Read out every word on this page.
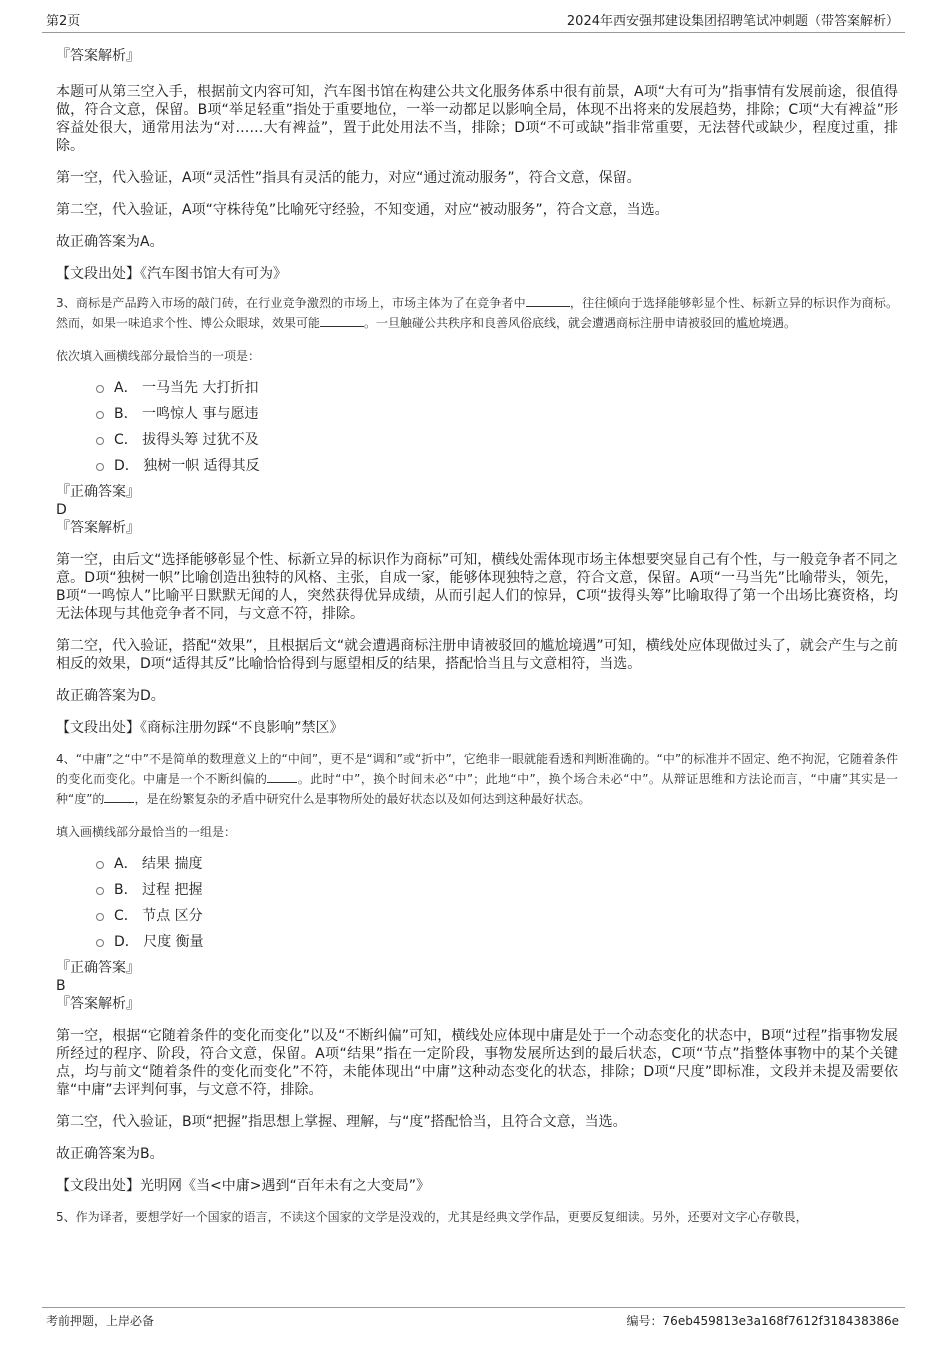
第2页	2024年西安强邦建设集团招聘笔试冲刺题（带答案解析）

『答案解析』

本题可从第三空入手，根据前文内容可知，汽车图书馆在构建公共文化服务体系中很有前景，A项“大有可为”指事情有发展前途，很值得做，符合文意，保留。B项“举足轻重”指处于重要地位，一举一动都足以影响全局，体现不出将来的发展趋势，排除；C项“大有裨益”形容益处很大，通常用法为“对……大有裨益”，置于此处用法不当，排除；D项“不可或缺”指非常重要，无法替代或缺少，程度过重，排除。

第一空，代入验证，A项“灵活性”指具有灵活的能力，对应“通过流动服务”，符合文意，保留。

第二空，代入验证，A项“守株待兔”比喻死守经验，不知变通，对应“被动服务”，符合文意，当选。

故正确答案为A。

【文段出处】《汽车图书馆大有可为》

3、商标是产品跨入市场的敲门砖，在行业竞争激烈的市场上，市场主体为了在竞争者中	，往往倾向于选择能够彰显个性、标新立异的标识作为商标。然而，如果一味追求个性、博公众眼球，效果可能	。一旦触碰公共秩序和良善风俗底线，就会遭遇商标注册申请被驳回的尴尬境遇。

依次填入画横线部分最恰当的一项是：

A． 一马当先 大打折扣
B． 一鸣惊人 事与愿违
C． 拔得头筹 过犹不及
D． 独树一帜 适得其反

『正确答案』

D

『答案解析』

第一空，由后文“选择能够彰显个性、标新立异的标识作为商标”可知，横线处需体现市场主体想要突显自己有个性，与一般竞争者不同之意。D项“独树一帜”比喻创造出独特的风格、主张，自成一家，能够体现独特之意，符合文意，保留。A项“一马当先”比喻带头，领先，B项“一鸣惊人”比喻平日默默无闻的人，突然获得优异成绩，从而引起人们的惊异，C项“拔得头筹”比喻取得了第一个出场比赛资格，均无法体现与其他竞争者不同，与文意不符，排除。

第二空，代入验证，搭配“效果”，且根据后文“就会遭遇商标注册申请被驳回的尴尬境遇”可知，横线处应体现做过头了，就会产生与之前相反的效果，D项“适得其反”比喻恰恰得到与愿望相反的结果，搭配恰当且与文意相符，当选。

故正确答案为D。

【文段出处】《商标注册勿踩“不良影响”禁区》

4、“中庸”之“中”不是简单的数理意义上的“中间”，更不是“调和”或“折中”，它绝非一眼就能看透和判断准确的。“中”的标准并不固定、绝不拘泥，它随着条件的变化而变化。中庸是一个不断纠偏的	。此时“中”，换个时间未必“中”；此地“中”，换个场合未必“中”。从辩证思维和方法论而言，“中庸”其实是一种“度”的	，是在纷繁复杂的矛盾中研究什么是事物所处的最好状态以及如何达到这种最好状态。

填入画横线部分最恰当的一组是：

A． 结果 揣度
B． 过程 把握
C． 节点 区分
D． 尺度 衡量

『正确答案』

B

『答案解析』

第一空，根据“它随着条件的变化而变化”以及“不断纠偏”可知，横线处应体现中庸是处于一个动态变化的状态中，B项“过程”指事物发展所经过的程序、阶段，符合文意，保留。A项“结果”指在一定阶段，事物发展所达到的最后状态，C项“节点”指整体事物中的某个关键点，均与前文“随着条件的变化而变化”不符，未能体现出“中庸”这种动态变化的状态，排除；D项“尺度”即标准，文段并未提及需要依靠“中庸”去评判何事，与文意不符，排除。

第二空，代入验证，B项“把握”指思想上掌握、理解，与“度”搭配恰当，且符合文意，当选。

故正确答案为B。

【文段出处】光明网《当<中庸>遇到“百年未有之大变局”》

5、作为译者，要想学好一个国家的语言，不读这个国家的文学是没戏的，尤其是经典文学作品，更要反复细读。另外，还要对文字心存敬畏，

考前押题，上岸必备	编号：76eb459813e3a168f7612f318438386e
